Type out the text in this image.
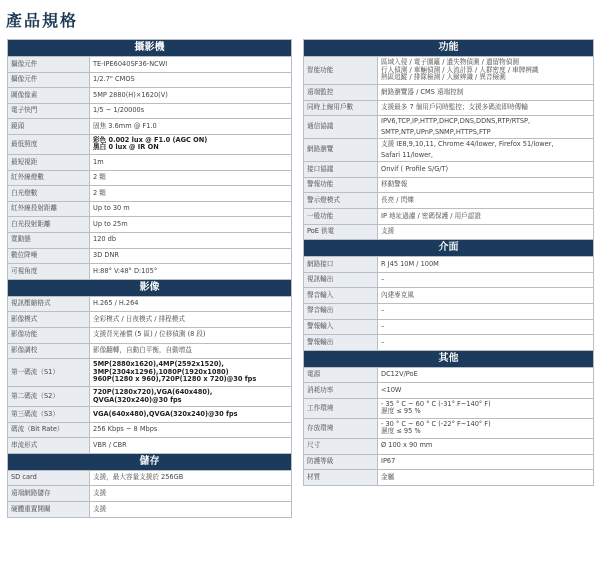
產品規格
攝影機	
攝像元件	TE-IPE6040SF36-NCWI

攝像元件	1/2.7" CMOS

圖像像素	5MP 2880(H)×1620(V)

電子快門	1/5 ~ 1/20000s

鏡頭	固焦 3.6mm @ F1.0

最低照度	彩色 0.002 lux @ F1.0 (AGC ON)
黑白 0 lux @ IR ON

最短視距	1m

紅外線燈數	2 顆

白光燈數	2 顆

紅外線投射距離	Up to 30 m

白光投射距離	Up to 25m

寬動態	120 db

數位降噪	3D DNR

可視角度	H:88° V:48° D:105°

影像	
視訊壓縮格式	H.265 / H.264

影像模式	全彩模式 / 日夜模式 / 排程模式

影像功能	支援背光補償 (5 區) / 位移偵測 (8 段)

影像調校	影像翻轉，自動白平衡，自動增益

第一碼流（S1）	5MP(2880x1620),4MP(2592x1520),
3MP(2304x1296),1080P(1920x1080)
960P(1280 x 960),720P(1280 x 720)@30 fps

第二碼流（S2）	720P(1280x720),VGA(640x480),
QVGA(320x240)@30 fps

第三碼流（S3）	VGA(640x480),QVGA(320x240)@30 fps

碼流（Bit Rate）	256 Kbps ~ 8 Mbps

串流形式	VBR / CBR

儲存	
SD card	支援，最大容量支援於 256GB

遠端網路儲存	支援

硬體重置開關	支援
功能	
智能功能	區域入侵 / 電子圍籬 / 遺失物偵測 / 遺留物偵測
行人偵測 / 車輛偵測 / 人流計算 / 人群密度 / 車牌辨識
熱區追蹤 / 排隊檢測 / 人臉辨識 / 異音檢測

遠端監控	網路瀏覽器 / CMS 遠端控制

同時上線用戶數	支援最多 7 個用戶同時監控；支援多碼流即時傳輸

通信協議	IPV6,TCP,IP,HTTP,DHCP,DNS,DDNS,RTP/RTSP,
SMTP,NTP,UPnP,SNMP,HTTPS,FTP

網路瀏覽	支援 IE8,9,10,11, Chrome 44/lower, Firefox 51/lower,
Safari 11/lower,

接口協議	Onvif ( Profile S/G/T)

警報功能	移動警報

警示燈模式	長亮 / 閃爍

一般功能	IP 地址過濾 / 密碼保護 / 用戶認證

PoE 供電	支援

介面	
網路接口	R J45 10M / 100M

視訊輸出	–

聲音輸入	內建麥克風

聲音輸出	–

警報輸入	–

警報輸出	–

其他	
電源	DC12V/PoE

消耗功率	<10W

工作環境	- 35 ° C ~ 60 ° C (-31° F~140° F)
濕度 ≤ 95 %

存放環境	- 30 ° C ~ 60 ° C (-22° F~140° F)
濕度 ≤ 95 %

尺寸	Ø 100 x 90 mm

防護等級	IP67

材質	金屬
